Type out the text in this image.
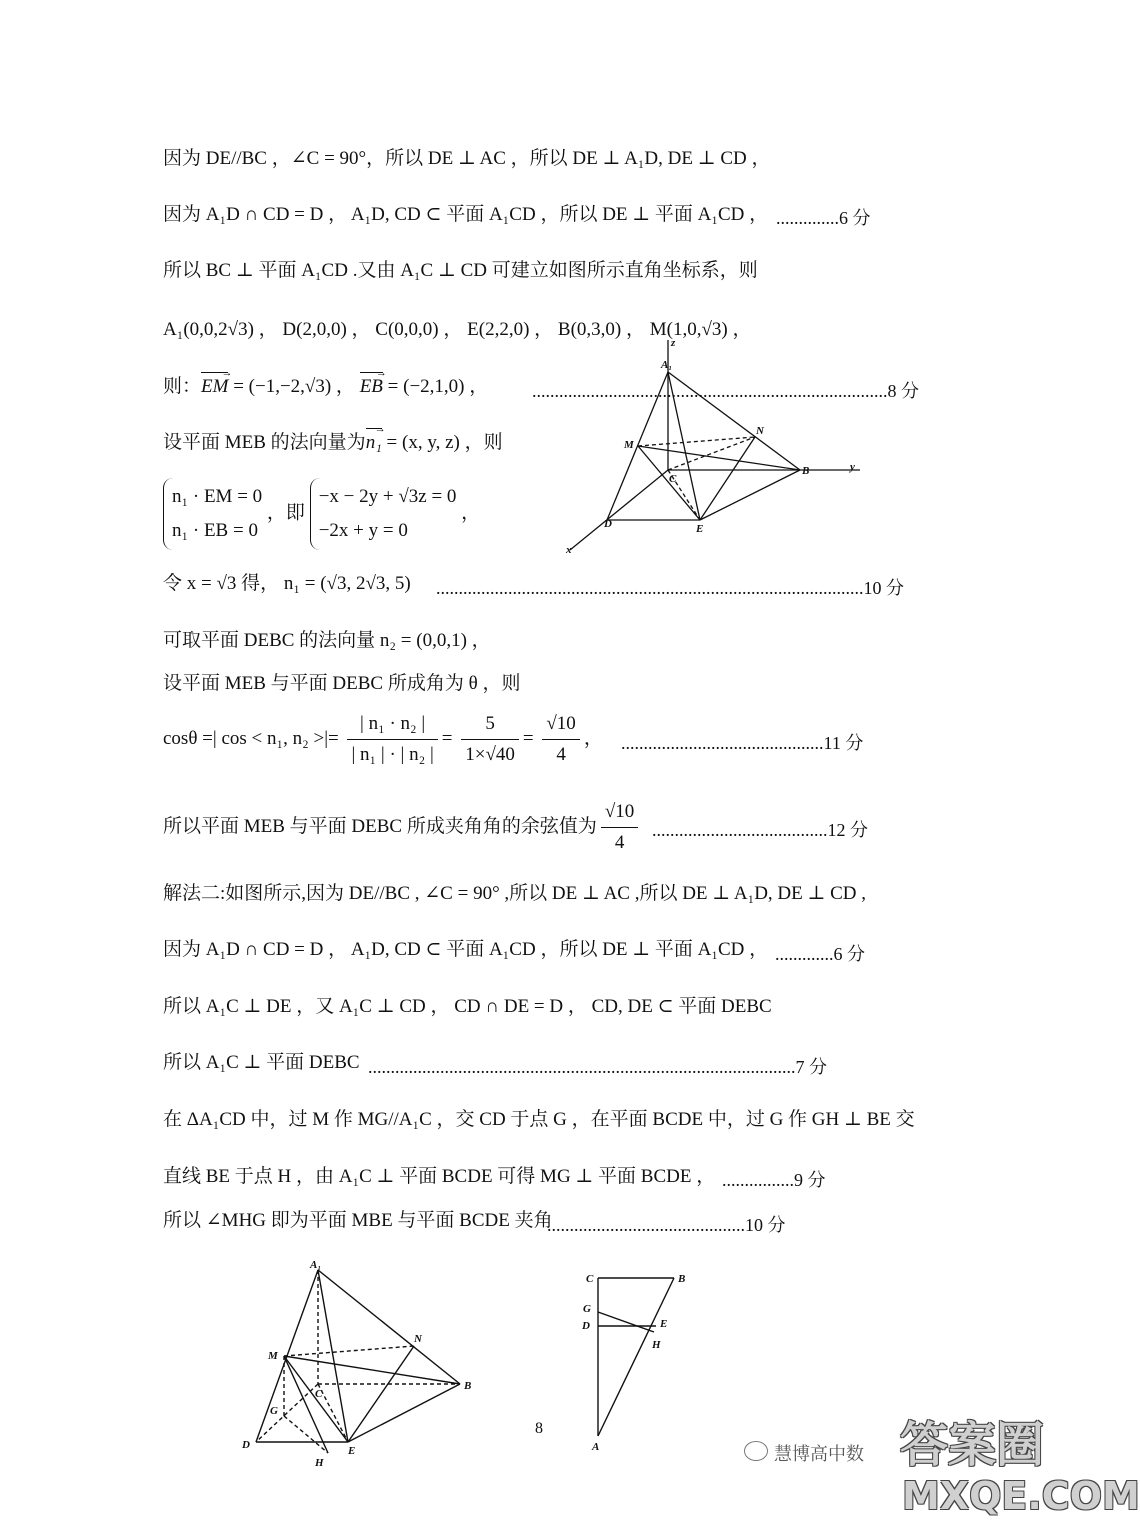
因为 DE//BC ，∠C = 90°，所以 DE ⊥ AC ，所以 DE ⊥ A₁D, DE ⊥ CD ，
因为 A₁D ∩ CD = D ， A₁D, CD ⊂ 平面 A₁CD ，所以 DE ⊥ 平面 A₁CD ， ..............6 分
所以 BC ⊥ 平面 A₁CD .又由 A₁C ⊥ CD 可建立如图所示直角坐标系，则
A₁(0,0,2√3) ， D(2,0,0) ， C(0,0,0) ， E(2,2,0) ， B(0,3,0) ， M(1,0,√3) ，
则：EM → = (−1,−2,√3) ， EB → = (−2,1,0) ， ...............................................................................8 分
设平面 MEB 的法向量为n₁ → = (x, y, z) ，则
n₁ · EM = 0
n₁ · EB = 0
，即
−x − 2y + √3z = 0
−2x + y = 0
，
令 x = √3 得， n₁ = (√3, 2√3, 5) ...............................................................................................10 分
可取平面 DEBC 的法向量 n₂ = (0,0,1) ，
设平面 MEB 与平面 DEBC 所成角为 θ ，则
cosθ =| cos < n₁, n₂ >|= $\frac{\text{| n₁ · n₂ |}}{\text{| n₁ | · | n₂ |}} = \frac{5}{1\times√40} = \frac{√10}{4}$ ， .............................................11 分
所以平面 MEB 与平面 DEBC 所成夹角角的余弦值为 $\frac{√10}{4} .......................................12$ 分
解法二:如图所示,因为 DE//BC , ∠C = 90° ,所以 DE ⊥ AC ,所以 DE ⊥ A₁D, DE ⊥ CD ,
因为 A₁D ∩ CD = D ， A₁D, CD ⊂ 平面 A₁CD ，所以 DE ⊥ 平面 A₁CD ， .............6 分
所以 A₁C ⊥ DE ，又 A₁C ⊥ CD ， CD ∩ DE = D ， CD, DE ⊂ 平面 DEBC
所以 A₁C ⊥ 平面 DEBC ...............................................................................................7 分
在 ΔA₁CD 中，过 M 作 MG//A₁C ，交 CD 于点 G ，在平面 BCDE 中，过 G 作 GH ⊥ BE 交
直线 BE 于点 H ，由 A₁C ⊥ 平面 BCDE 可得 MG ⊥ 平面 BCDE ， ................9 分
所以 ∠MHG 即为平面 MBE 与平面 BCDE 夹角
............................................10 分
z
A₁
N
M
C
B	y
D	E
x
A₁
N
M
C
B
G
D	E
H
C	B
G
D	E
H
A
8
慧博高中数 答案圈
MXQE.COM
